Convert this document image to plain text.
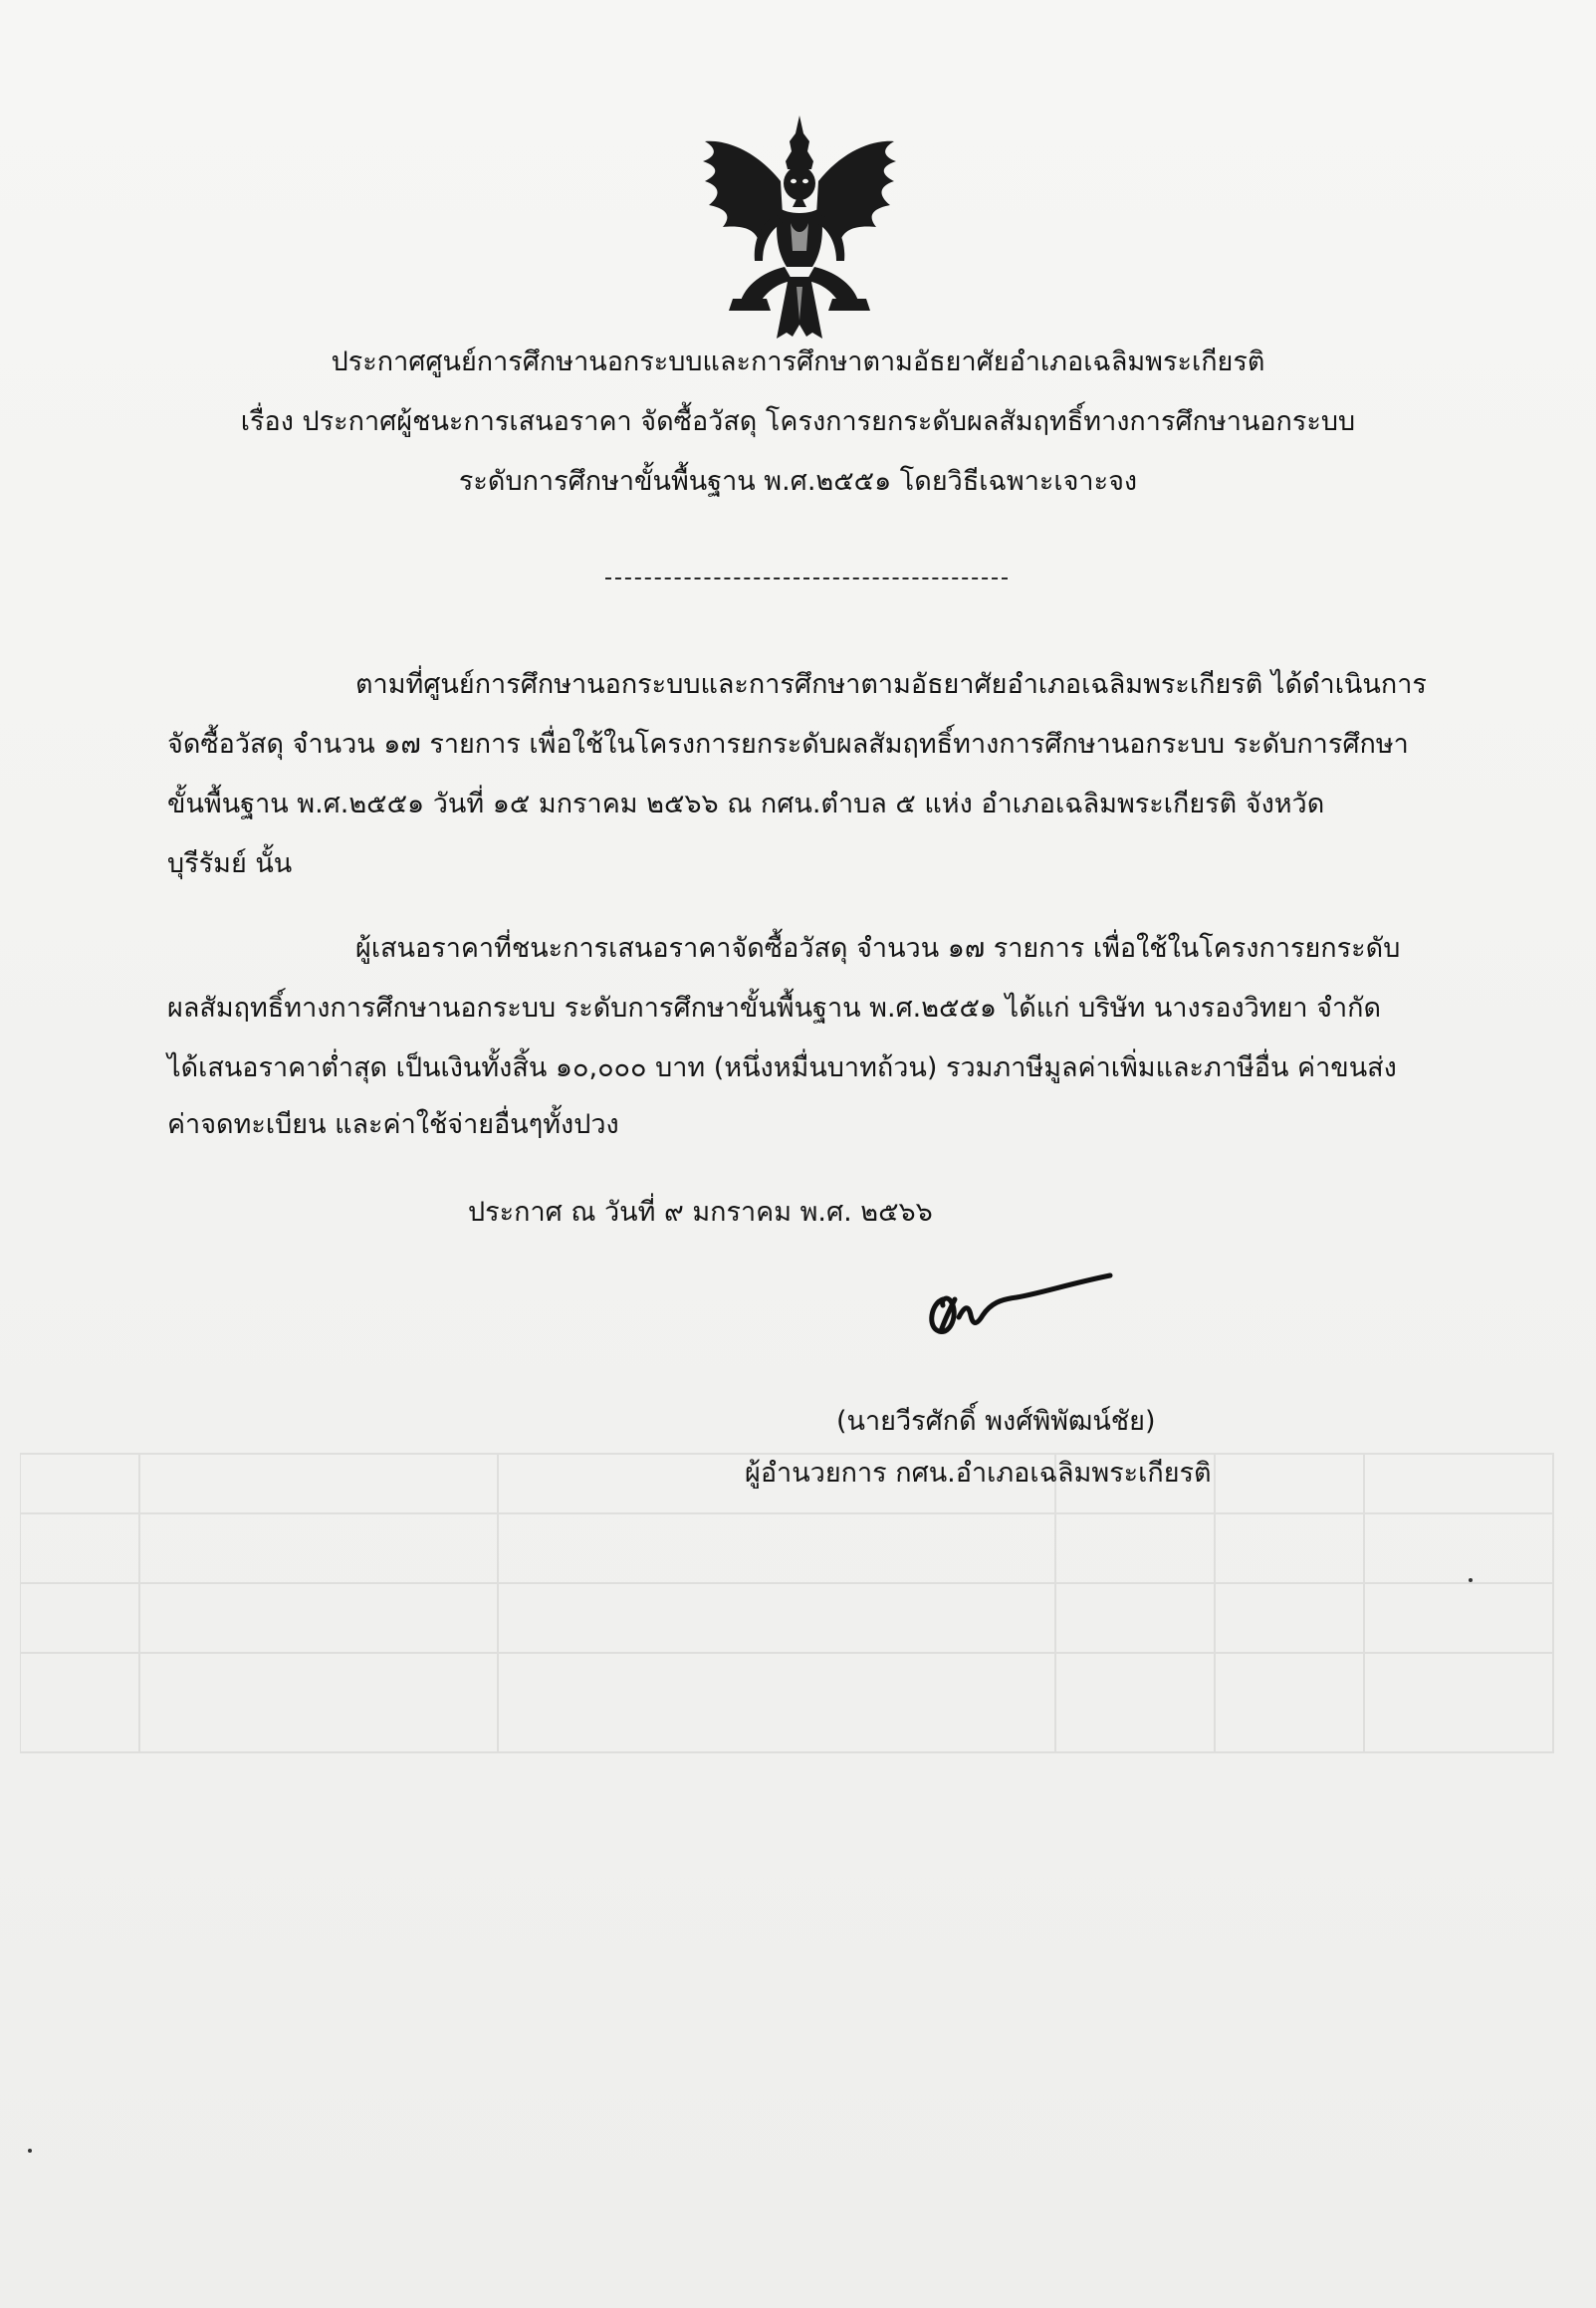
ประกาศศูนย์การศึกษานอกระบบและการศึกษาตามอัธยาศัยอำเภอเฉลิมพระเกียรติ
เรื่อง ประกาศผู้ชนะการเสนอราคา จัดซื้อวัสดุ โครงการยกระดับผลสัมฤทธิ์ทางการศึกษานอกระบบ
ระดับการศึกษาขั้นพื้นฐาน พ.ศ.๒๕๕๑ โดยวิธีเฉพาะเจาะจง
ตามที่ศูนย์การศึกษานอกระบบและการศึกษาตามอัธยาศัยอำเภอเฉลิมพระเกียรติ ได้ดำเนินการ
จัดซื้อวัสดุ จำนวน ๑๗ รายการ เพื่อใช้ในโครงการยกระดับผลสัมฤทธิ์ทางการศึกษานอกระบบ ระดับการศึกษา
ขั้นพื้นฐาน พ.ศ.๒๕๕๑ วันที่ ๑๕ มกราคม ๒๕๖๖ ณ กศน.ตำบล ๕ แห่ง อำเภอเฉลิมพระเกียรติ จังหวัด
บุรีรัมย์ นั้น
ผู้เสนอราคาที่ชนะการเสนอราคาจัดซื้อวัสดุ จำนวน ๑๗ รายการ เพื่อใช้ในโครงการยกระดับ
ผลสัมฤทธิ์ทางการศึกษานอกระบบ ระดับการศึกษาขั้นพื้นฐาน พ.ศ.๒๕๕๑ ได้แก่ บริษัท นางรองวิทยา จำกัด
ได้เสนอราคาต่ำสุด เป็นเงินทั้งสิ้น ๑๐,๐๐๐ บาท (หนึ่งหมื่นบาทถ้วน) รวมภาษีมูลค่าเพิ่มและภาษีอื่น ค่าขนส่ง
ค่าจดทะเบียน และค่าใช้จ่ายอื่นๆทั้งปวง
ประกาศ ณ วันที่ ๙ มกราคม พ.ศ. ๒๕๖๖
(นายวีรศักดิ์ พงศ์พิพัฒน์ชัย)
ผู้อำนวยการ กศน.อำเภอเฉลิมพระเกียรติ
